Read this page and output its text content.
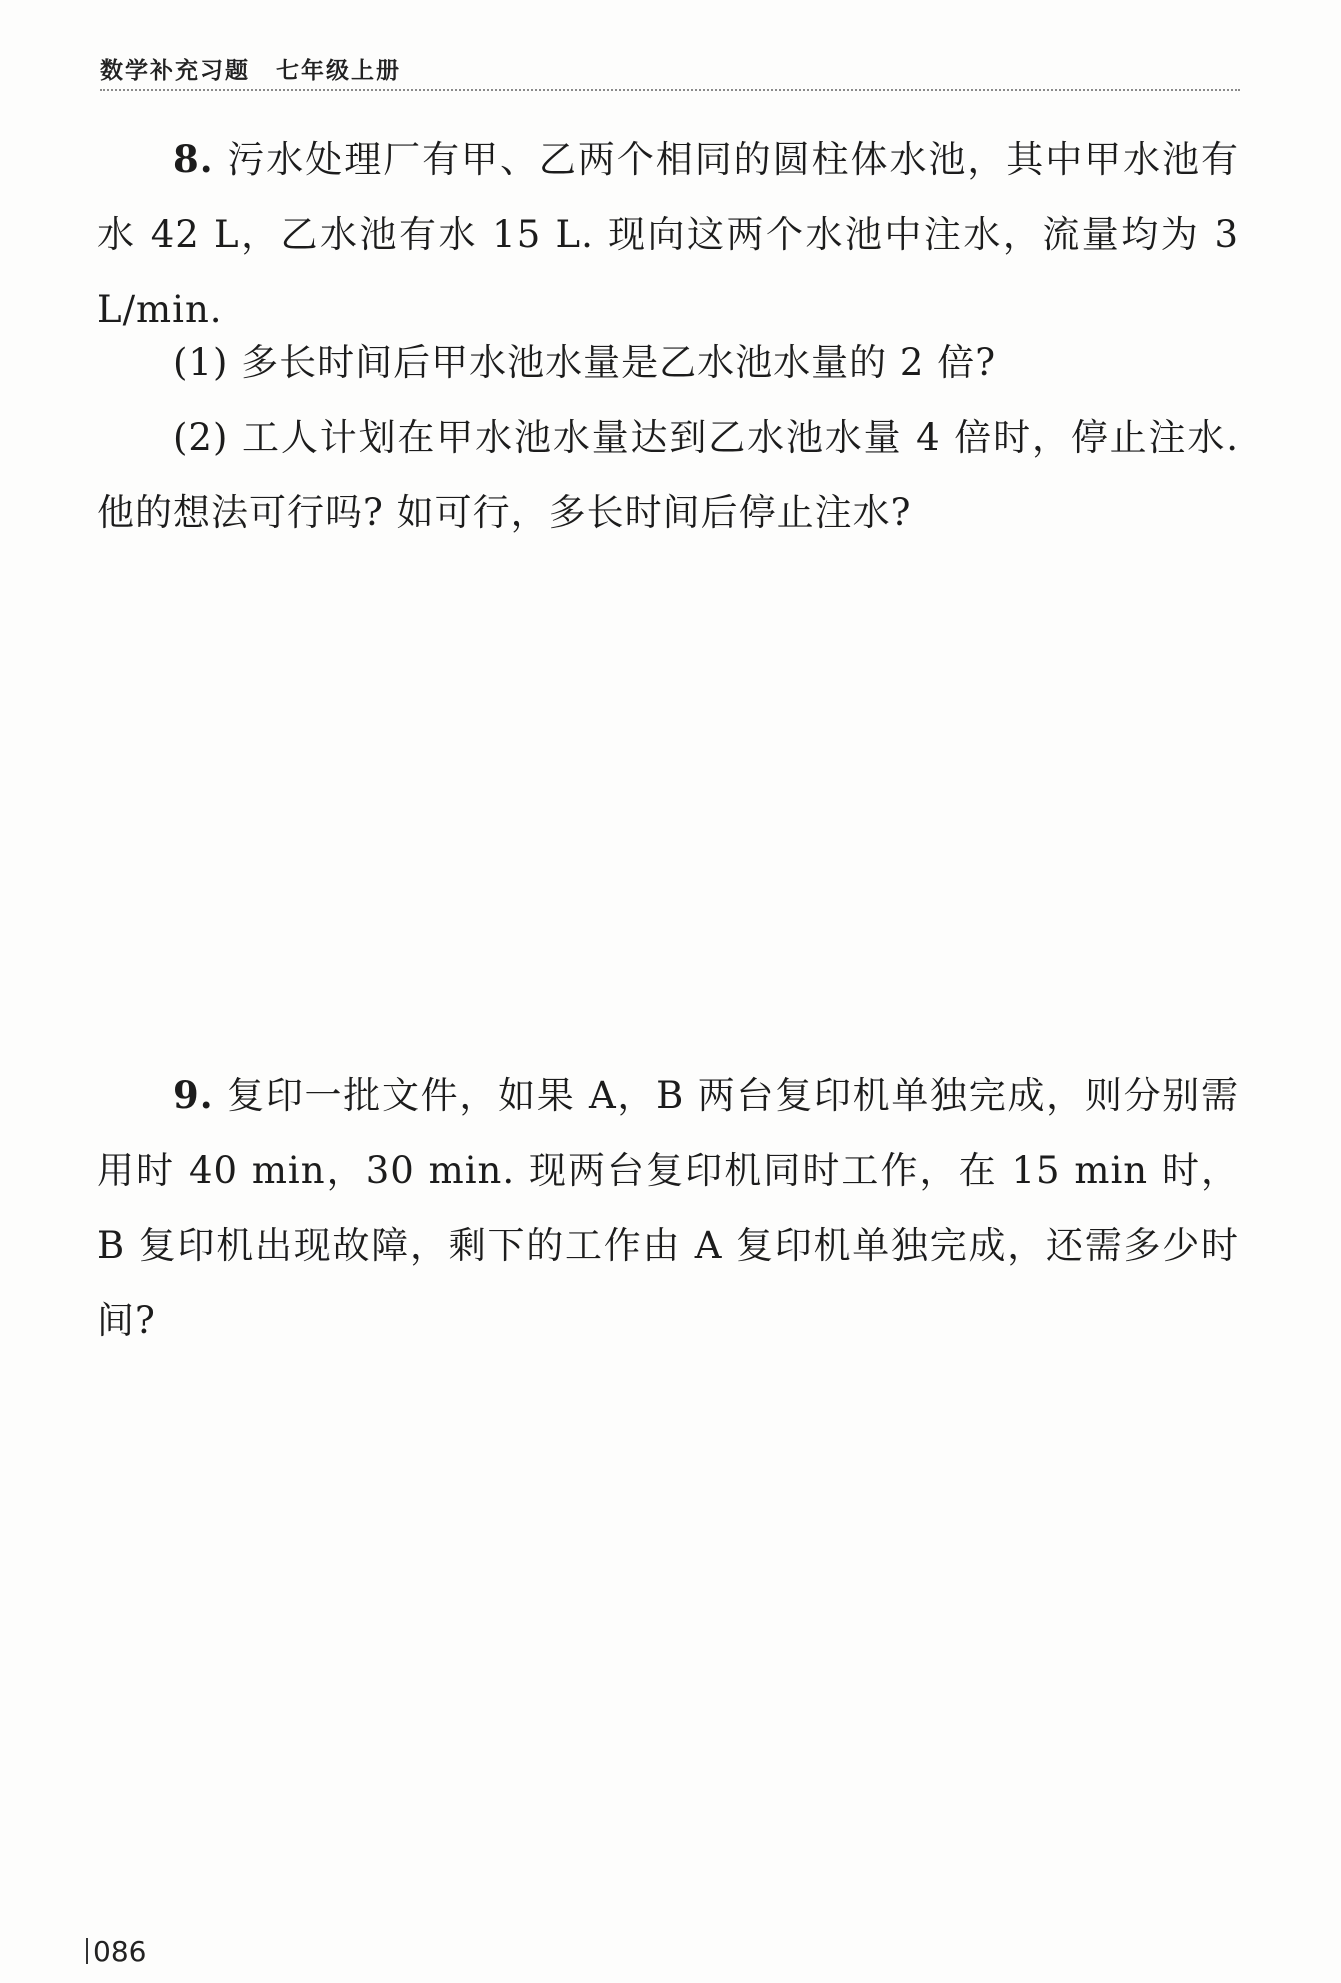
数学补充习题 七年级上册

8. 污水处理厂有甲、乙两个相同的圆柱体水池，其中甲水池有水 42 L，乙水池有水 15 L. 现向这两个水池中注水，流量均为 3 L/min.

(1) 多长时间后甲水池水量是乙水池水量的 2 倍?

(2) 工人计划在甲水池水量达到乙水池水量 4 倍时，停止注水. 他的想法可行吗? 如可行，多长时间后停止注水?

9. 复印一批文件，如果 A，B 两台复印机单独完成，则分别需用时 40 min，30 min. 现两台复印机同时工作，在 15 min 时，B 复印机出现故障，剩下的工作由 A 复印机单独完成，还需多少时间?

086
